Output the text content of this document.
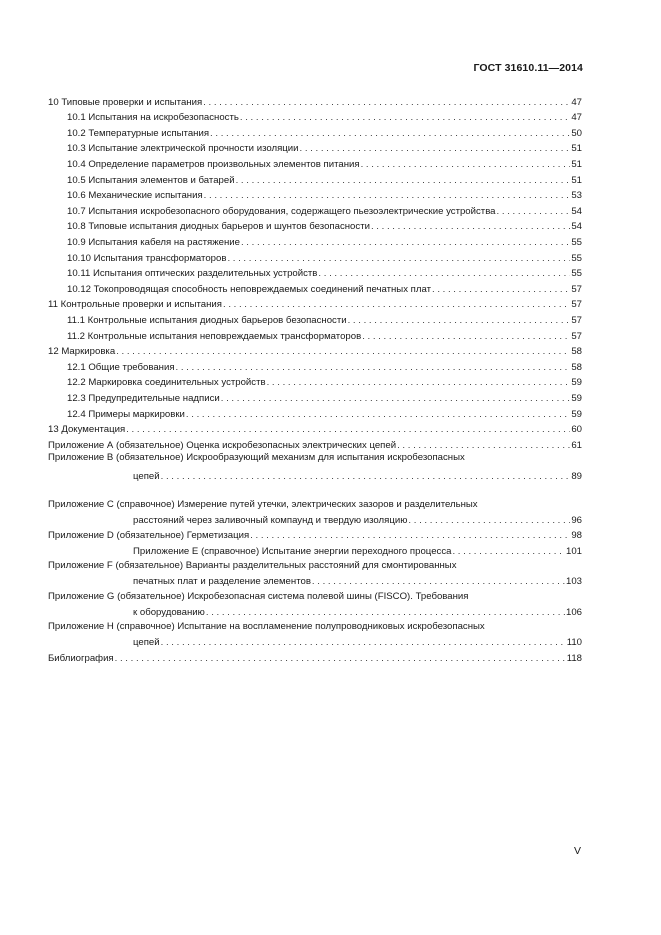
ГОСТ 31610.11—2014
10 Типовые проверки и испытания . . .	47
10.1 Испытания на искробезопасность . . .	47
10.2 Температурные испытания . . .	50
10.3 Испытание электрической прочности изоляции . . .	51
10.4 Определение параметров произвольных элементов питания . . .	51
10.5 Испытания элементов и батарей . . .	51
10.6 Механические испытания . . .	53
10.7 Испытания искробезопасного оборудования, содержащего пьезоэлектрические устройства . . .	54
10.8 Типовые испытания диодных барьеров и шунтов безопасности . . .	54
10.9 Испытания кабеля на растяжение . . .	55
10.10 Испытания трансформаторов . . .	55
10.11 Испытания оптических разделительных устройств . . .	55
10.12 Токопроводящая способность неповреждаемых соединений печатных плат . . .	57
11 Контрольные проверки и испытания . . .	57
11.1 Контрольные испытания диодных барьеров безопасности . . .	57
11.2 Контрольные испытания неповреждаемых трансформаторов . . .	57
12 Маркировка . . .	58
12.1 Общие требования . . .	58
12.2 Маркировка соединительных устройств . . .	59
12.3 Предупредительные надписи . . .	59
12.4 Примеры маркировки . . .	59
13 Документация . . .	60
Приложение А (обязательное) Оценка искробезопасных электрических цепей . . .	61
Приложение В (обязательное) Искрообразующий механизм для испытания искробезопасных
цепей . . .	89
Приложение С (справочное) Измерение путей утечки, электрических зазоров и разделительных
расстояний через заливочный компаунд и твердую изоляцию . . .	96
Приложение D (обязательное) Герметизация . . .	98
Приложение Е (справочное) Испытание энергии переходного процесса . . .	101
Приложение F (обязательное) Варианты разделительных расстояний для смонтированных
печатных плат и разделение элементов . . .	103
Приложение G (обязательное) Искробезопасная система полевой шины (FISCO). Требования
к оборудованию . . .	106
Приложение Н (справочное) Испытание на воспламенение полупроводниковых искробезопасных
цепей . . .	110
Библиография . . .	118
V
